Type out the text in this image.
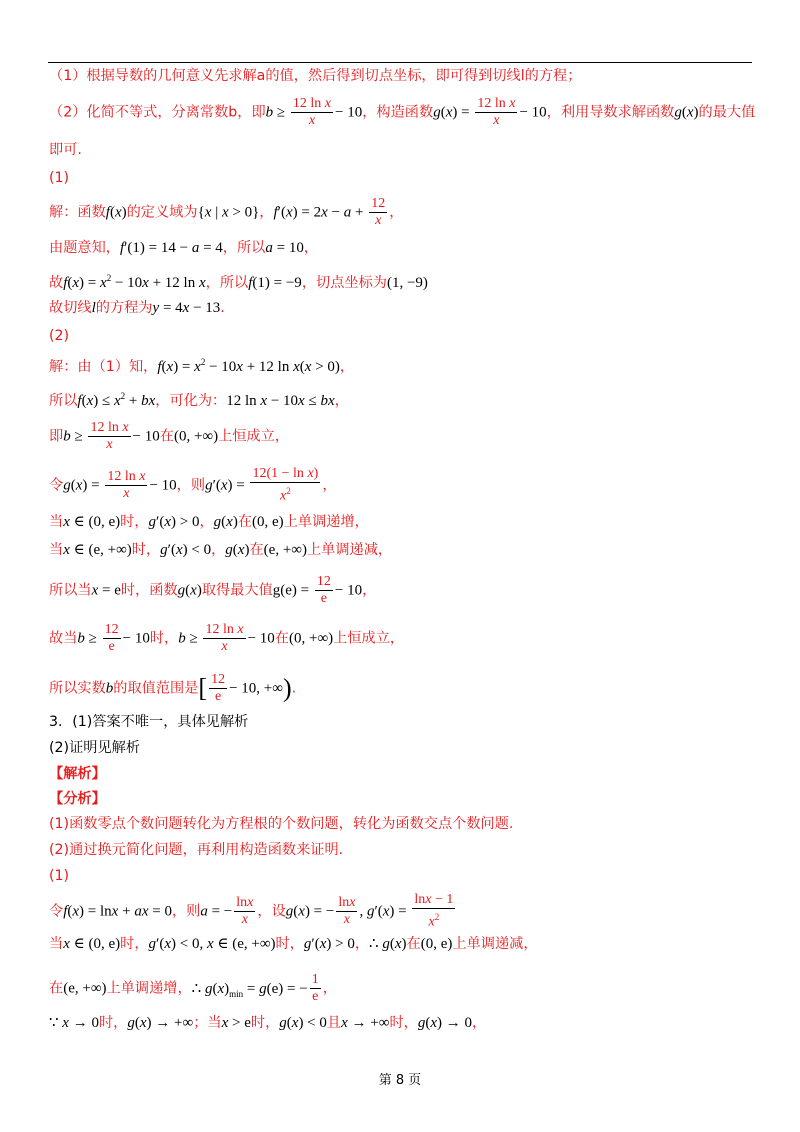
（1）根据导数的几何意义先求解a的值，然后得到切点坐标，即可得到切线l的方程；
（2）化简不等式，分离常数b，即$b \ge \frac{\text{12 ln x}}{x} - 10$，构造函数$g(x) = \frac{\text{12 ln x}}{x} - 10$，利用导数求解函数g(x)的最大值
即可.
(1)
解：函数f(x)的定义域为{x | x > 0}，$f'(x) = 2x - a + \frac{12}{x}$ ，
由题意知，f′(1) = 14 − a = 4，所以a = 10，
故$f(x) = x^2 - 10x + 12$ ln x，所以f(1) = −9，切点坐标为(1, −9)
故切线l的方程为y = 4x − 13.
(2)
解：由（1）知，$f(x) = x^2 - 10x + 12$ ln x(x > 0)，
所以$f(x) \le x^2$ + bx，可化为：12 ln x − 10x ≤ bx，
即$b \ge \frac{\text{12 ln x}}{x} - 10$在(0, +∞)上恒成立，
令$g(x) = \frac{\text{12 ln x}}{x} - 10$，则$g'(x) = \frac{\text{12(1 − ln x)}}{x^2}$ ，
当x ∈ (0, e)时，g′(x) > 0，g(x)在(0, e)上单调递增，
当x ∈ (e, +∞)时，g′(x) < 0，g(x)在(e, +∞)上单调递减，
所以当x = e时，函数g(x)取得最大值$g(e) = \frac{12}{e} - 10$，
故当$b \ge \frac{12}{e} - 10$时，$b \ge \frac{\text{12 ln x}}{x} - 10$在(0, +∞)上恒成立，
所以实数b的取值范围是[ $\frac{12}{e} - 10$, +∞).
3．(1)答案不唯一，具体见解析
(2)证明见解析
【解析】
【分析】
(1)函数零点个数问题转化为方程根的个数问题，转化为函数交点个数问题.
(2)通过换元简化问题，再利用构造函数来证明.
(1)
令f(x) = lnx + ax = 0，则a = − $\frac{\ln x}{x}$ ，设g(x) = − $\frac{\ln x}{x}$ , $g'(x) = \frac{\ln x - 1}{x^2}$
当x ∈ (0, e)时，g′(x) < 0, x ∈ (e, +∞)时，g′(x) > 0，∴ g(x)在(0, e)上单调递减，
在(e, +∞)上单调递增，∴ $g(x)_{min} = g(e)$ = − $\frac{1}{e}$ ，
∵ x → 0时，g(x) → +∞；当x > e时，g(x) < 0且x → +∞时，g(x) → 0，
第 8 页
